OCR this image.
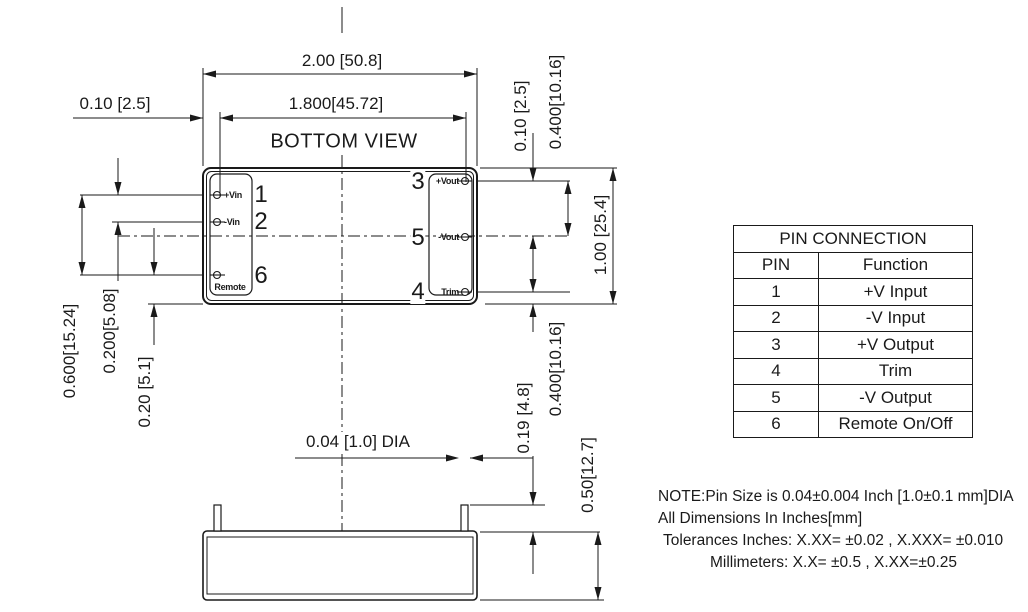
BOTTOM VIEW
2.00 [50.8]
1.800[45.72]
0.10 [2.5]
0.04 [1.0] DIA
0.600[15.24] 0.200[5.08]
0.20 [5.1]
0.10 [2.5] 0.400[10.16]
1.00 [25.4]
0.400[10.16]
0.19 [4.8]
0.50[12.7]
1
2
6
3
5
4
+Vin
-Vin
Remote
+Vout
-Vout
Trim
PIN CONNECTION	
PIN	Function
1	+V Input
2	-V Input
3	+V Output
4	Trim
5	-V Output
6	Remote On/Off
NOTE:Pin Size is 0.04±0.004 Inch [1.0±0.1 mm]DIA
All Dimensions In Inches[mm]
Tolerances Inches: X.XX= ±0.02 , X.XXX= ±0.010
Millimeters: X.X= ±0.5 , X.XX=±0.25
